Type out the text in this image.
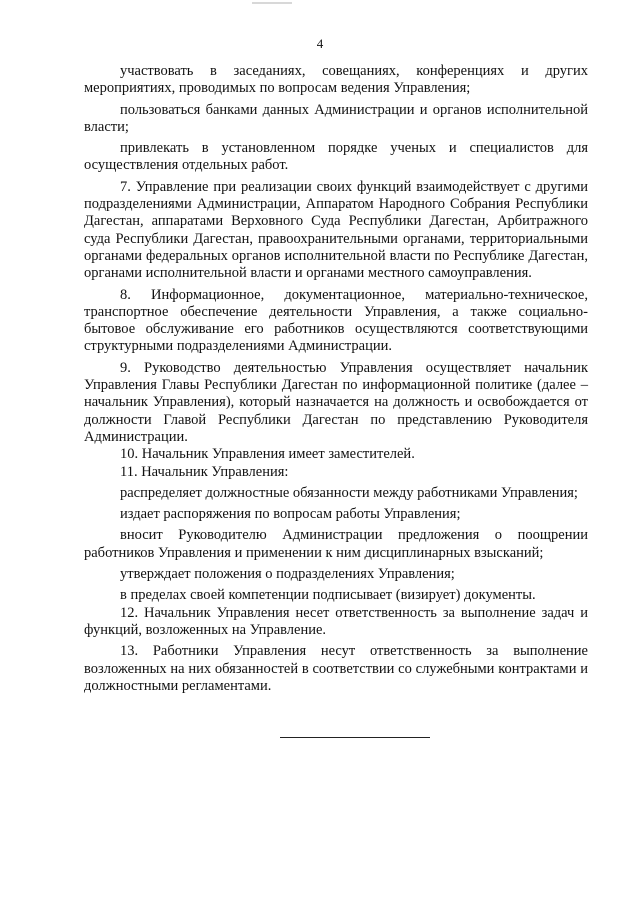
4

участвовать в заседаниях, совещаниях, конференциях и других мероприятиях, проводимых по вопросам ведения Управления;

пользоваться банками данных Администрации и органов исполнительной власти;

привлекать в установленном порядке ученых и специалистов для осуществления отдельных работ.

7. Управление при реализации своих функций взаимодействует с другими подразделениями Администрации, Аппаратом Народного Собрания Республики Дагестан, аппаратами Верховного Суда Республики Дагестан, Арбитражного суда Республики Дагестан, правоохранительными органами, территориальными органами федеральных органов исполнительной власти по Республике Дагестан, органами исполнительной власти и органами местного самоуправления.

8. Информационное, документационное, материально-техническое, транспортное обеспечение деятельности Управления, а также социально-бытовое обслуживание его работников осуществляются соответствующими структурными подразделениями Администрации.

9. Руководство деятельностью Управления осуществляет начальник Управления Главы Республики Дагестан по информационной политике (далее – начальник Управления), который назначается на должность и освобождается от должности Главой Республики Дагестан по представлению Руководителя Администрации.

10. Начальник Управления имеет заместителей.

11. Начальник Управления:

распределяет должностные обязанности между работниками Управления;

издает распоряжения по вопросам работы Управления;

вносит Руководителю Администрации предложения о поощрении работников Управления и применении к ним дисциплинарных взысканий;

утверждает положения о подразделениях Управления;

в пределах своей компетенции подписывает (визирует) документы.

12. Начальник Управления несет ответственность за выполнение задач и функций, возложенных на Управление.

13. Работники Управления несут ответственность за выполнение возложенных на них обязанностей в соответствии со служебными контрактами и должностными регламентами.
